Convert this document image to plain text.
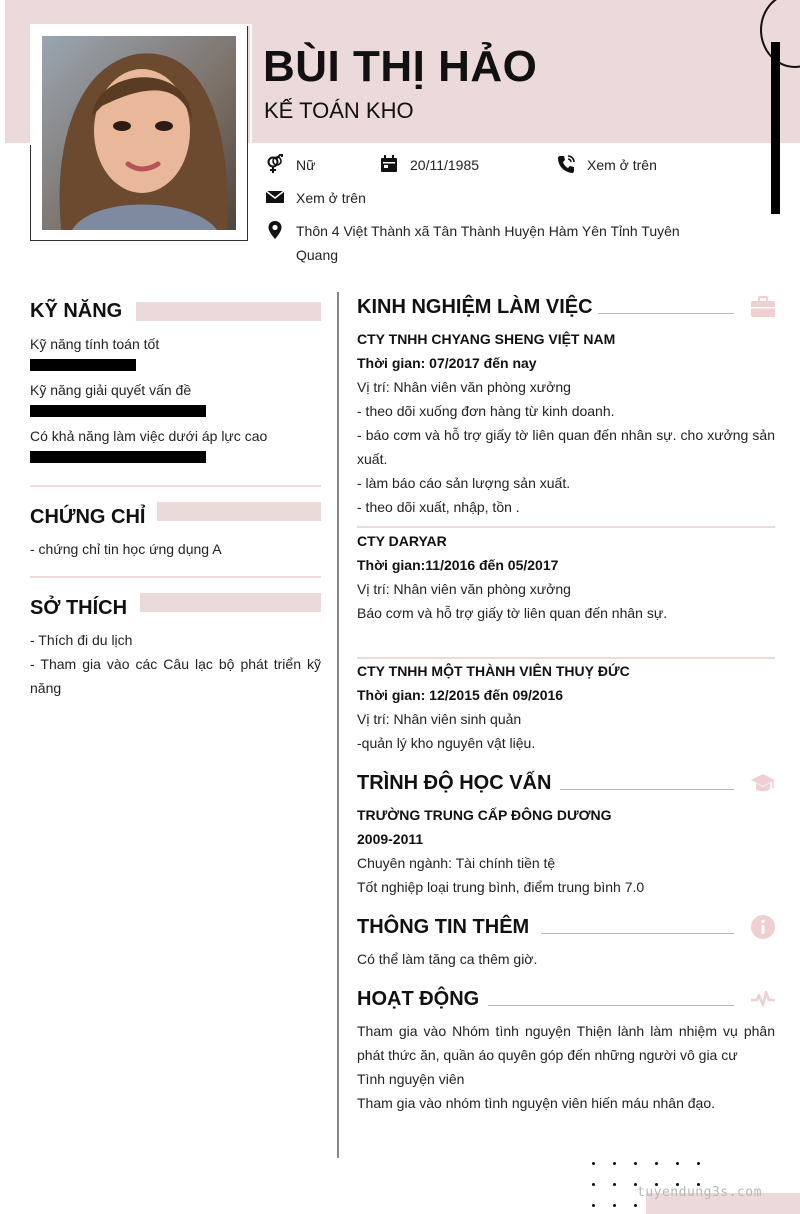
BÙI THỊ HẢO
KẾ TOÁN KHO
Nữ	20/11/1985	Xem ở trên
Xem ở trên
Thôn 4 Việt Thành xã Tân Thành Huyện Hàm Yên Tỉnh Tuyên
Quang
KỸ NĂNG
Kỹ năng tính toán tốt
Kỹ năng giải quyết vấn đề
Có khả năng làm việc dưới áp lực cao
CHỨNG CHỈ
- chứng chỉ tin học ứng dụng A
SỞ THÍCH
- Thích đi du lịch
- Tham gia vào các Câu lạc bộ phát triển kỹ năng
KINH NGHIỆM LÀM VIỆC
CTY TNHH CHYANG SHENG VIỆT NAM
Thời gian: 07/2017 đến nay
Vị trí: Nhân viên văn phòng xưởng
- theo dõi xuống đơn hàng từ kinh doanh.
- báo cơm và hỗ trợ giấy tờ liên quan đến nhân sự. cho xưởng sản xuất.
- làm báo cáo sản lượng sản xuất.
- theo dõi xuất, nhập, tồn .
CTY DARYAR
Thời gian:11/2016 đến 05/2017
Vị trí: Nhân viên văn phòng xưởng
Báo cơm và hỗ trợ giấy tờ liên quan đến nhân sự.
CTY TNHH MỘT THÀNH VIÊN THUỴ ĐỨC
Thời gian: 12/2015 đến 09/2016
Vị trí: Nhân viên sinh quản
-quản lý kho nguyên vật liệu.
TRÌNH ĐỘ HỌC VẤN
TRƯỜNG TRUNG CẤP ĐÔNG DƯƠNG
2009-2011
Chuyên ngành: Tài chính tiền tệ
Tốt nghiệp loại trung bình, điểm trung bình 7.0
THÔNG TIN THÊM
Có thể làm tăng ca thêm giờ.
HOẠT ĐỘNG
Tham gia vào Nhóm tình nguyện Thiện lành làm nhiệm vụ phân phát thức ăn, quần áo quyên góp đến những người vô gia cư
Tình nguyện viên
Tham gia vào nhóm tình nguyện viên hiến máu nhân đạo.
tuyendung3s.com
